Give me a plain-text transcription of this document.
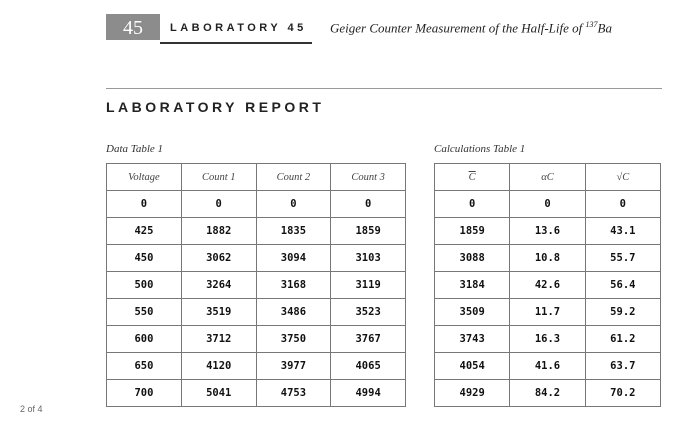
45	LABORATORY 45 Geiger Counter Measurement of the Half-Life of $^{137}$Ba
LABORATORY REPORT
Data Table 1
Voltage	Count 1	Count 2	Count 3
0	0	0	0
425	1882	1835	1859
450	3062	3094	3103
500	3264	3168	3119
550	3519	3486	3523
600	3712	3750	3767
650	4120	3977	4065
700	5041	4753	4994
Calculations Table 1
$\overline{C}$	αC	√C
0	0	0
1859	13.6	43.1
3088	10.8	55.7
3184	42.6	56.4
3509	11.7	59.2
3743	16.3	61.2
4054	41.6	63.7
4929	84.2	70.2
2 of 4
